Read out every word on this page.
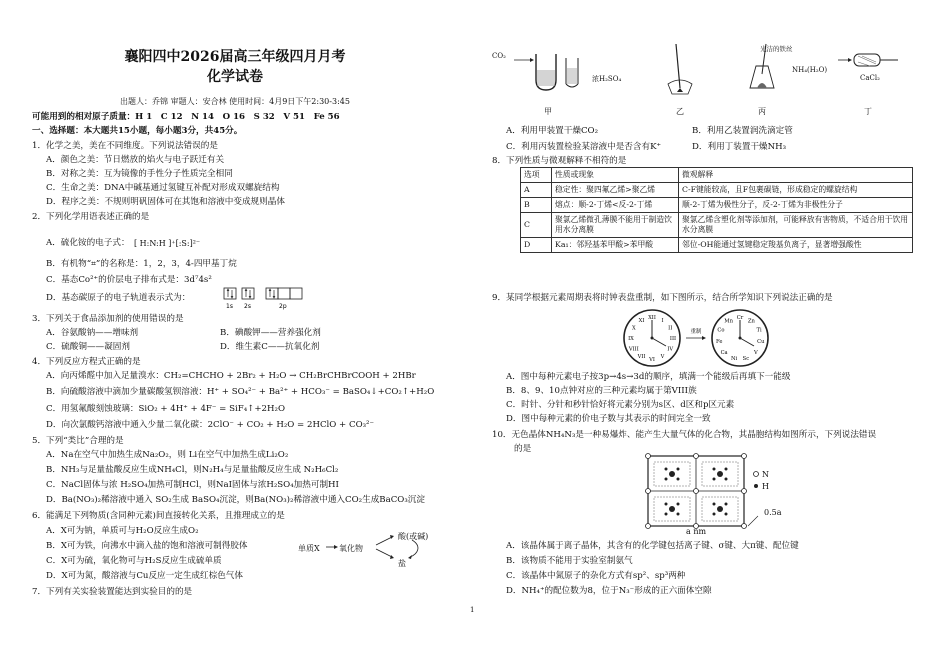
襄阳四中2026届高三年级四月月考
化学试卷
出题人：乔锦 审题人：安合林 使用时间：4月9日下午2:30-3:45
可能用到的相对原子质量：H 1　C 12　N 14　O 16　S 32　V 51　Fe 56
一、选择题：本大题共15小题，每小题3分，共45分。
1．化学之美，美在不同维度。下列说法错误的是
A．颜色之美：节日燃放的焰火与电子跃迁有关
B．对称之美：互为镜像的手性分子性质完全相同
C．生命之美：DNA中碱基通过氢键互补配对形成双螺旋结构
D．程序之美：不规则明矾固体可在其饱和溶液中变成规则晶体
2．下列化学用语表述正确的是
A．硫化铵的电子式： [ H:N:H ]⁺[:S:]²⁻
B．有机物“⌗”的名称是：1，2，3，4-四甲基丁烷
C．基态Co²⁺的价层电子排布式是：3d⁷4s²
D．基态碳原子的电子轨道表示式为：
1s 2s	2p
3．下列关于食品添加剂的使用错误的是
A．谷氨酸钠——增味剂	B．碘酸钾——营养强化剂
C．硫酸铜——凝固剂	D．维生素C——抗氧化剂
4．下列反应方程式正确的是
A．向丙烯醛中加入足量溴水：CH₂=CHCHO + 2Br₂ + H₂O → CH₂BrCHBrCOOH + 2HBr
B．向硫酸溶液中滴加少量碳酸氢钡溶液：H⁺ + SO₄²⁻ + Ba²⁺ + HCO₃⁻ = BaSO₄↓+CO₂↑+H₂O
C．用氢氟酸刻蚀玻璃：SiO₂ + 4H⁺ + 4F⁻ = SiF₄↑+2H₂O
D．向次氯酸钙溶液中通入少量二氧化碳：2ClO⁻ + CO₂ + H₂O = 2HClO + CO₃²⁻
5．下列“类比”合理的是
A．Na在空气中加热生成Na₂O₂，则 Li在空气中加热生成Li₂O₂
B．NH₃与足量盐酸反应生成NH₄Cl，则N₂H₄与足量盐酸反应生成 N₂H₆Cl₂
C．NaCl固体与浓 H₂SO₄加热可制HCl，则NaI固体与浓H₂SO₄加热可制HI
D．Ba(NO₃)₂稀溶液中通入 SO₂生成 BaSO₄沉淀，则Ba(NO₃)₂稀溶液中通入CO₂生成BaCO₃沉淀
6．能满足下列物质(含同种元素)间直接转化关系，且推理成立的是
A．X可为钠，单质可与H₂O反应生成O₂
B．X可为铁，向沸水中滴入盐的饱和溶液可制得胶体
C．X可为硫，氧化物可与H₂S反应生成硫单质
D．X可为氮，酸溶液与Cu反应一定生成红棕色气体
7．下列有关实验装置能达到实验目的的是
单质X 氧化物
酸(或碱)
盐
CO₂
浓H₂SO₄
光洁的铁丝
NH₄(H₂O)
CaCl₂
甲	乙	丙	丁
A．利用甲装置干燥CO₂	B．利用乙装置润洗滴定管
C．利用丙装置检验某溶液中是否含有K⁺	D．利用丁装置干燥NH₃
8．下列性质与微观解释不相符的是
选项	性质或现象	微观解释
A	稳定性：聚四氟乙烯>聚乙烯	C-F键能较高，且F包裹碳链，形成稳定的螺旋结构
B	熔点：顺-2-丁烯<反-2-丁烯	顺-2-丁烯为极性分子，反-2-丁烯为非极性分子
C	聚氯乙烯微孔薄膜不能用于制造饮用水分离膜	聚氯乙烯含塑化剂等添加剂，可能释放有害物质，不适合用于饮用水分离膜
D	Ka₁：邻羟基苯甲酸>苯甲酸	邻位-OH能通过氢键稳定羧基负离子，显著增强酸性
9．某同学根据元素周期表将时钟表盘重制，如下图所示，结合所学知识下列说法正确的是
XII I
II
III
IV
V
VI
VII
VIII
IX
X
XI
重制
Cr
Zn
Ti
Cu
V
Sc
Ni
Ca
Fe
Co
Mn
A．图中每种元素电子按3p→4s→3d的顺序，填满一个能级后再填下一能级
B．8、9、10点钟对应的三种元素均属于第VIII族
C．时针、分针和秒针恰好将元素分别为s区、d区和p区元素
D．图中每种元素的价电子数与其表示的时间完全一致
10．无色晶体NH₄N₃是一种易爆炸、能产生大量气体的化合物，其晶胞结构如图所示，下列说法错误
的是
N
H
0.5a
a nm
A．该晶体属于离子晶体，其含有的化学键包括离子键、σ键、大π键、配位键
B．该物质不能用于实验室制氨气
C．该晶体中氮原子的杂化方式有sp²、sp³两种
D．NH₄⁺的配位数为8，位于N₃⁻形成的正六面体空隙
1
